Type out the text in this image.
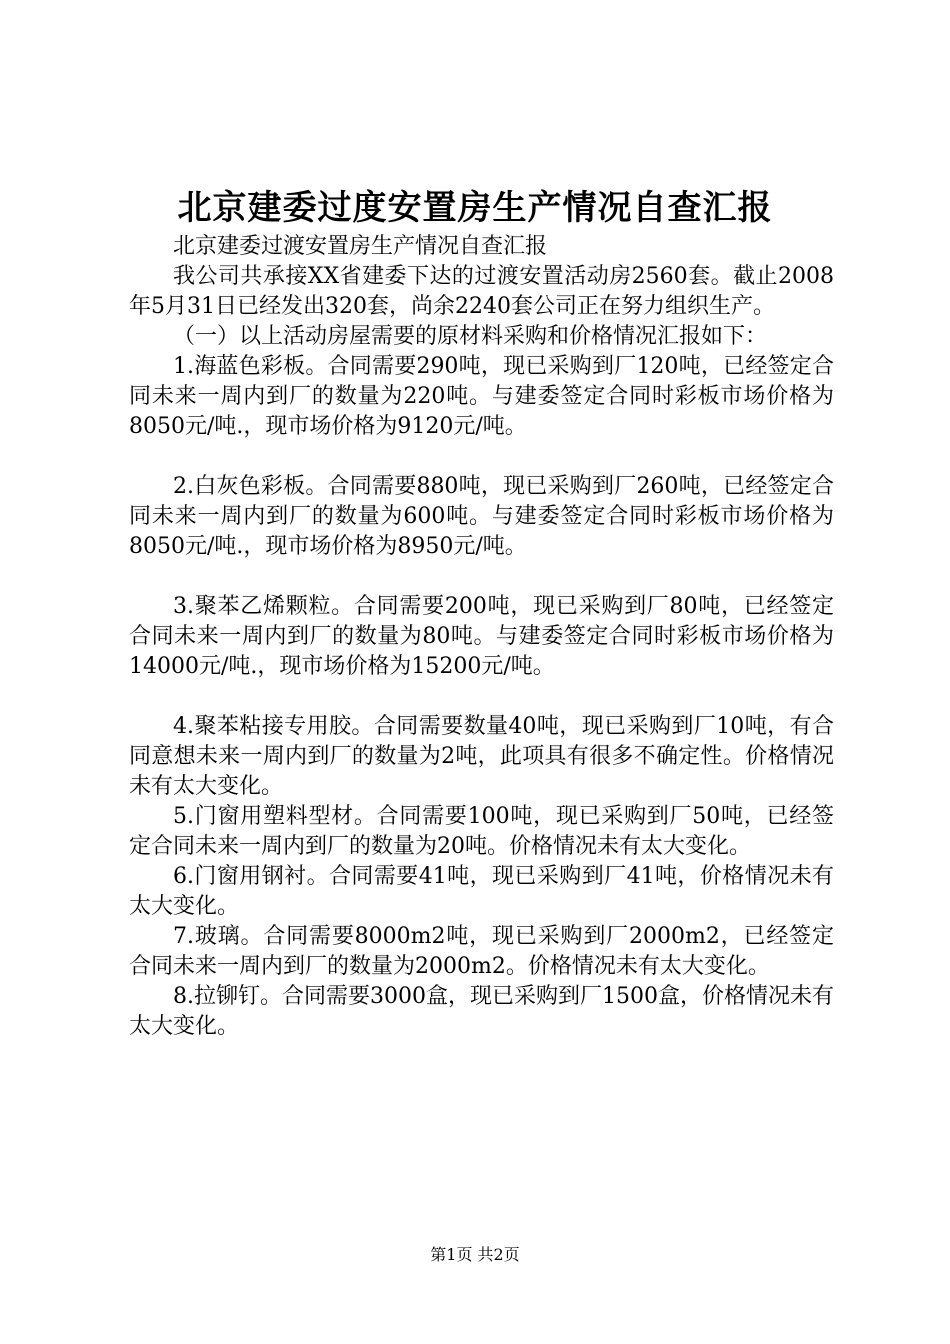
北京建委过度安置房生产情况自查汇报

北京建委过渡安置房生产情况自查汇报

我公司共承接XX省建委下达的过渡安置活动房2560套。截止2008年5月31日已经发出320套，尚余2240套公司正在努力组织生产。

（一）以上活动房屋需要的原材料采购和价格情况汇报如下：

1.海蓝色彩板。合同需要290吨，现已采购到厂120吨，已经签定合同未来一周内到厂的数量为220吨。与建委签定合同时彩板市场价格为8050元/吨.，现市场价格为9120元/吨。

2.白灰色彩板。合同需要880吨，现已采购到厂260吨，已经签定合同未来一周内到厂的数量为600吨。与建委签定合同时彩板市场价格为8050元/吨.，现市场价格为8950元/吨。

3.聚苯乙烯颗粒。合同需要200吨，现已采购到厂80吨，已经签定合同未来一周内到厂的数量为80吨。与建委签定合同时彩板市场价格为14000元/吨.，现市场价格为15200元/吨。

4.聚苯粘接专用胶。合同需要数量40吨，现已采购到厂10吨，有合同意想未来一周内到厂的数量为2吨，此项具有很多不确定性。价格情况未有太大变化。

5.门窗用塑料型材。合同需要100吨，现已采购到厂50吨，已经签定合同未来一周内到厂的数量为20吨。价格情况未有太大变化。

6.门窗用钢衬。合同需要41吨，现已采购到厂41吨，价格情况未有太大变化。

7.玻璃。合同需要8000m2吨，现已采购到厂2000m2，已经签定合同未来一周内到厂的数量为2000m2。价格情况未有太大变化。

8.拉铆钉。合同需要3000盒，现已采购到厂1500盒，价格情况未有太大变化。

第1页 共2页
